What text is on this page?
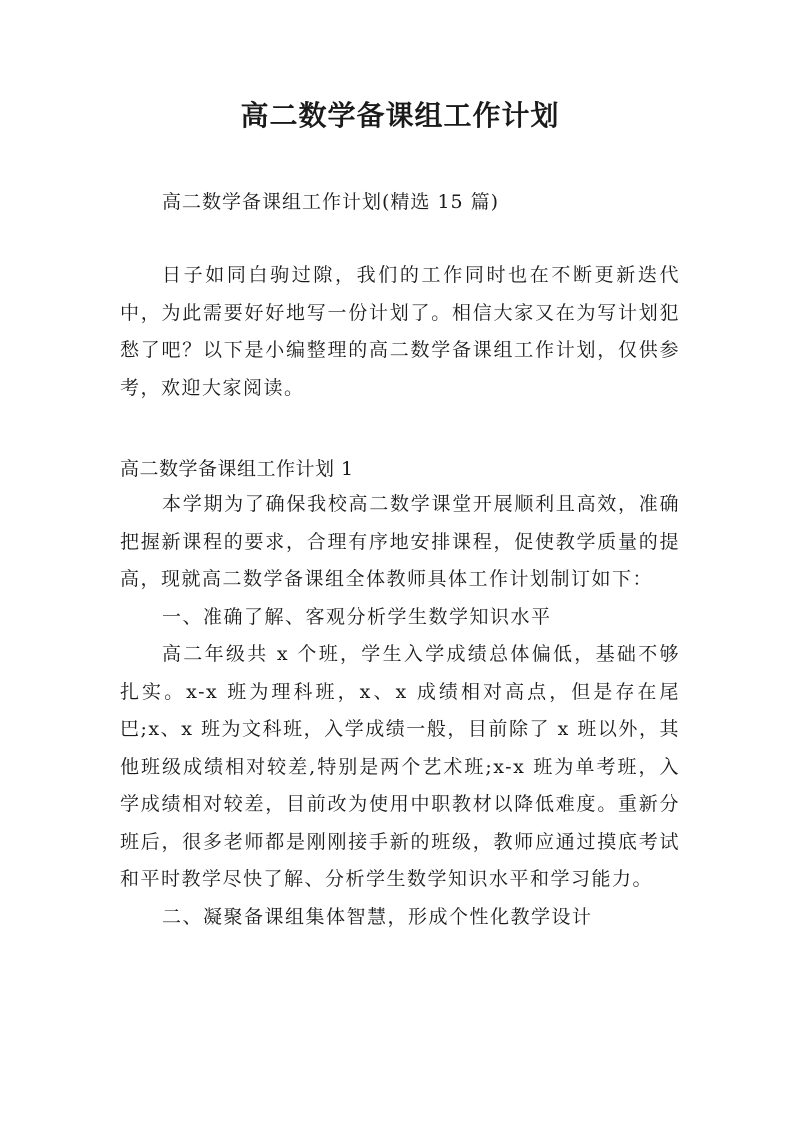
高二数学备课组工作计划
高二数学备课组工作计划(精选 15 篇)

日子如同白驹过隙，我们的工作同时也在不断更新迭代中，为此需要好好地写一份计划了。相信大家又在为写计划犯愁了吧？以下是小编整理的高二数学备课组工作计划，仅供参考，欢迎大家阅读。

高二数学备课组工作计划 1

本学期为了确保我校高二数学课堂开展顺利且高效，准确把握新课程的要求，合理有序地安排课程，促使教学质量的提高，现就高二数学备课组全体教师具体工作计划制订如下：

一、准确了解、客观分析学生数学知识水平

高二年级共 x 个班，学生入学成绩总体偏低，基础不够扎实。x-x 班为理科班，x、x 成绩相对高点，但是存在尾巴;x、x 班为文科班，入学成绩一般，目前除了 x 班以外，其他班级成绩相对较差,特别是两个艺术班;x-x 班为单考班，入学成绩相对较差，目前改为使用中职教材以降低难度。重新分班后，很多老师都是刚刚接手新的班级，教师应通过摸底考试和平时教学尽快了解、分析学生数学知识水平和学习能力。

二、凝聚备课组集体智慧，形成个性化教学设计
